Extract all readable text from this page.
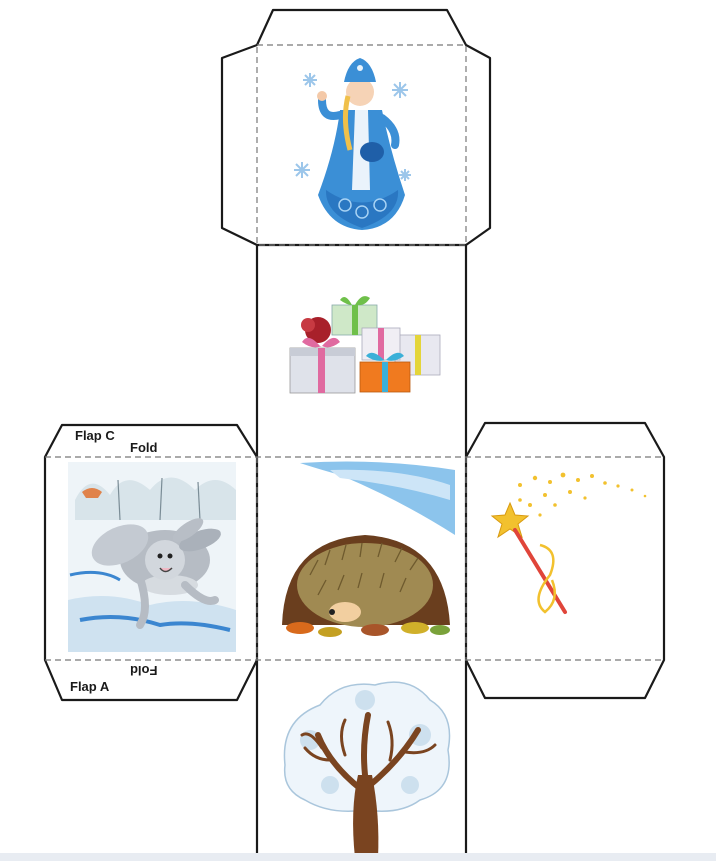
Flap C
Fold
Fold
Flap A
